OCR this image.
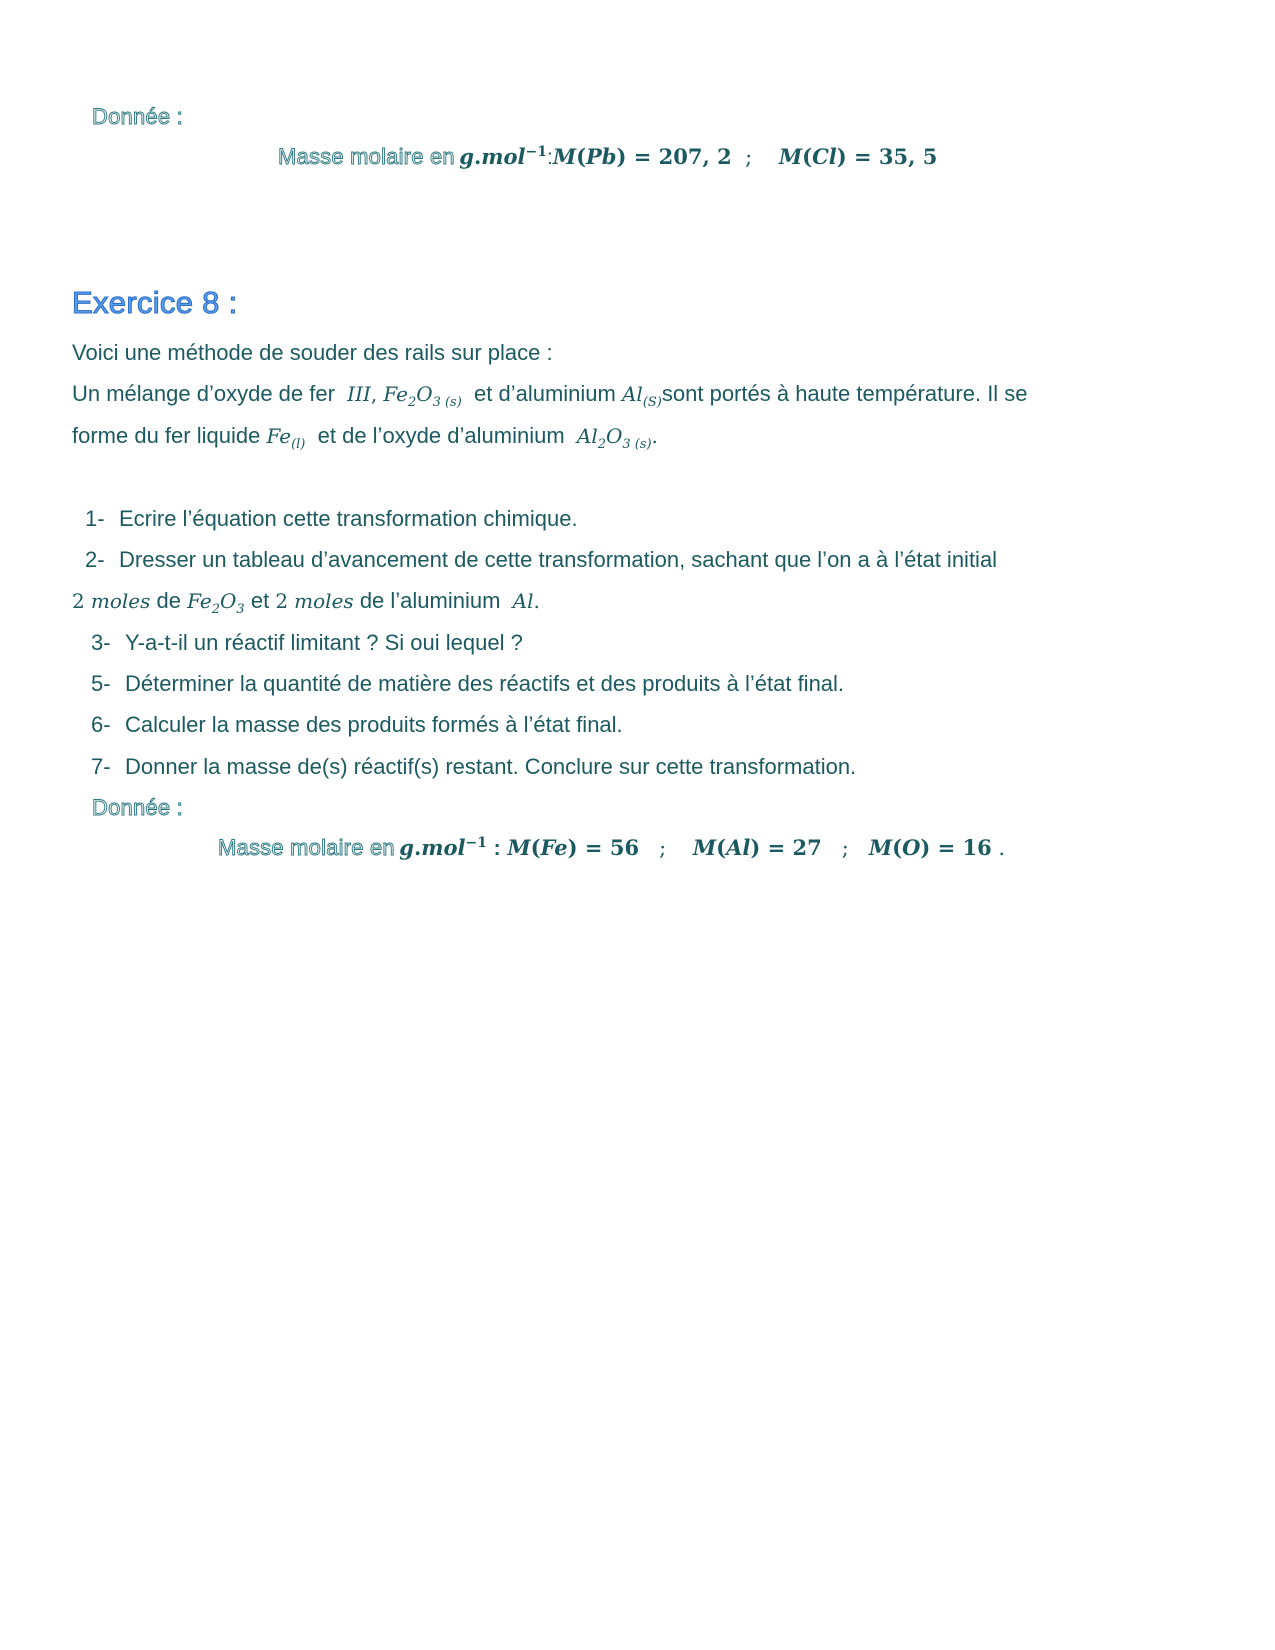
Donnée :
Masse molaire en g.mol$^{-1}$:M(Pb) = 207, 2  ;    M(Cl) = 35, 5
Exercice 8 :
Voici une méthode de souder des rails sur place :
Un mélange d’oxyde de fer III, $Fe_2O_3$ $_{(s)}$ et d’aluminium $Al_{(S)}sont$ portés à haute température. Il se
forme du fer liquide $Fe_{(l)}$ et de l’oxyde d’aluminium $Al_2O_3$ $_{(s)}$.
1- Ecrire l’équation cette transformation chimique.
2- Dresser un tableau d’avancement de cette transformation, sachant que l’on a à l’état initial
2 moles de $Fe_2O_3$ et 2 moles de l’aluminium Al.
3- Y-a-t-il un réactif limitant ? Si oui lequel ?
5- Déterminer la quantité de matière des réactifs et des produits à l’état final.
6- Calculer la masse des produits formés à l’état final.
7- Donner la masse de(s) réactif(s) restant. Conclure sur cette transformation.
Donnée :
Masse molaire en g.mol$^{-1}$ : M(Fe) = 56   ;    M(Al) = 27   ;   M(O) = 16 .
